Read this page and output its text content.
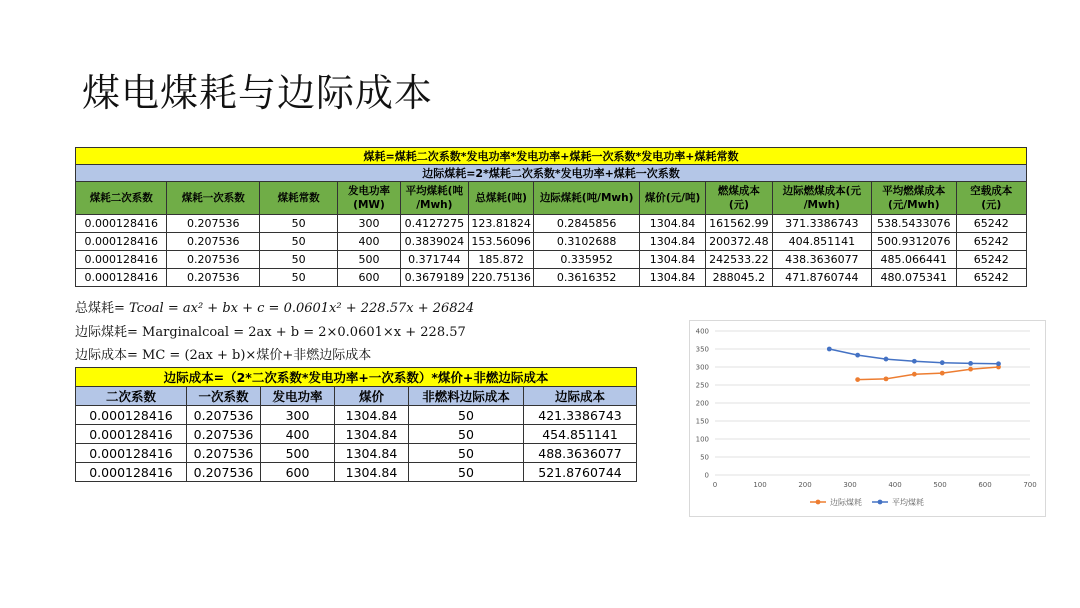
煤电煤耗与边际成本
煤耗=煤耗二次系数*发电功率*发电功率+煤耗一次系数*发电功率+煤耗常数											
边际煤耗=2*煤耗二次系数*发电功率+煤耗一次系数											
煤耗二次系数	煤耗一次系数	煤耗常数	发电功率 (MW)	平均煤耗(吨 /Mwh)	总煤耗(吨)	边际煤耗(吨/Mwh)	煤价(元/吨)	燃煤成本 (元)	边际燃煤成本(元 /Mwh)	平均燃煤成本 (元/Mwh)	空载成本 (元)
0.000128416	0.207536	50	300	0.4127275	123.81824	0.2845856	1304.84	161562.99	371.3386743	538.5433076	65242
0.000128416	0.207536	50	400	0.3839024	153.56096	0.3102688	1304.84	200372.48	404.851141	500.9312076	65242
0.000128416	0.207536	50	500	0.371744	185.872	0.335952	1304.84	242533.22	438.3636077	485.066441	65242
0.000128416	0.207536	50	600	0.3679189	220.75136	0.3616352	1304.84	288045.2	471.8760744	480.075341	65242
总煤耗= Tcoal = ax² + bx + c = 0.0601x² + 228.57x + 26824
边际煤耗= Marginalcoal = 2ax + b = 2×0.0601×x + 228.57
边际成本= MC = (2ax + b)×煤价+非燃边际成本
边际成本=（2*二次系数*发电功率+一次系数）*煤价+非燃边际成本					
二次系数	一次系数	发电功率	煤价	非燃料边际成本	边际成本
0.000128416	0.207536	300	1304.84	50	421.3386743
0.000128416	0.207536	400	1304.84	50	454.851141
0.000128416	0.207536	500	1304.84	50	488.3636077
0.000128416	0.207536	600	1304.84	50	521.8760744	0
50
100
150
200
250
300
350
400
0	100	200	300	400	500	600	700
边际煤耗	平均煤耗
